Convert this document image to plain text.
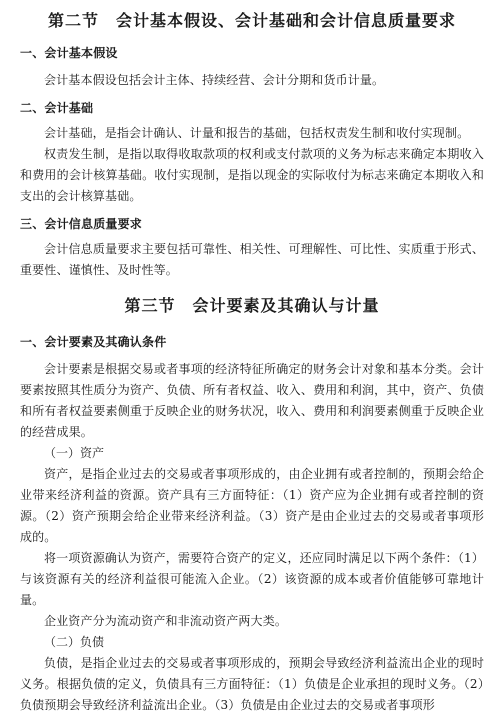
第二节　会计基本假设、会计基础和会计信息质量要求
一、会计基本假设

会计基本假设包括会计主体、持续经营、会计分期和货币计量。

二、会计基础

会计基础，是指会计确认、计量和报告的基础，包括权责发生制和收付实现制。

权责发生制，是指以取得收取款项的权利或支付款项的义务为标志来确定本期收入和费用的会计核算基础。收付实现制，是指以现金的实际收付为标志来确定本期收入和支出的会计核算基础。

三、会计信息质量要求

会计信息质量要求主要包括可靠性、相关性、可理解性、可比性、实质重于形式、重要性、谨慎性、及时性等。

第三节　会计要素及其确认与计量
一、会计要素及其确认条件

会计要素是根据交易或者事项的经济特征所确定的财务会计对象和基本分类。会计要素按照其性质分为资产、负债、所有者权益、收入、费用和利润，其中，资产、负债和所有者权益要素侧重于反映企业的财务状况，收入、费用和利润要素侧重于反映企业的经营成果。

（一）资产

资产，是指企业过去的交易或者事项形成的，由企业拥有或者控制的，预期会给企业带来经济利益的资源。资产具有三方面特征：（1）资产应为企业拥有或者控制的资源。（2）资产预期会给企业带来经济利益。（3）资产是由企业过去的交易或者事项形成的。

将一项资源确认为资产，需要符合资产的定义，还应同时满足以下两个条件：（1）与该资源有关的经济利益很可能流入企业。（2）该资源的成本或者价值能够可靠地计量。

企业资产分为流动资产和非流动资产两大类。

（二）负债

负债，是指企业过去的交易或者事项形成的，预期会导致经济利益流出企业的现时义务。根据负债的定义，负债具有三方面特征：（1）负债是企业承担的现时义务。（2）负债预期会导致经济利益流出企业。（3）负债是由企业过去的交易或者事项形
